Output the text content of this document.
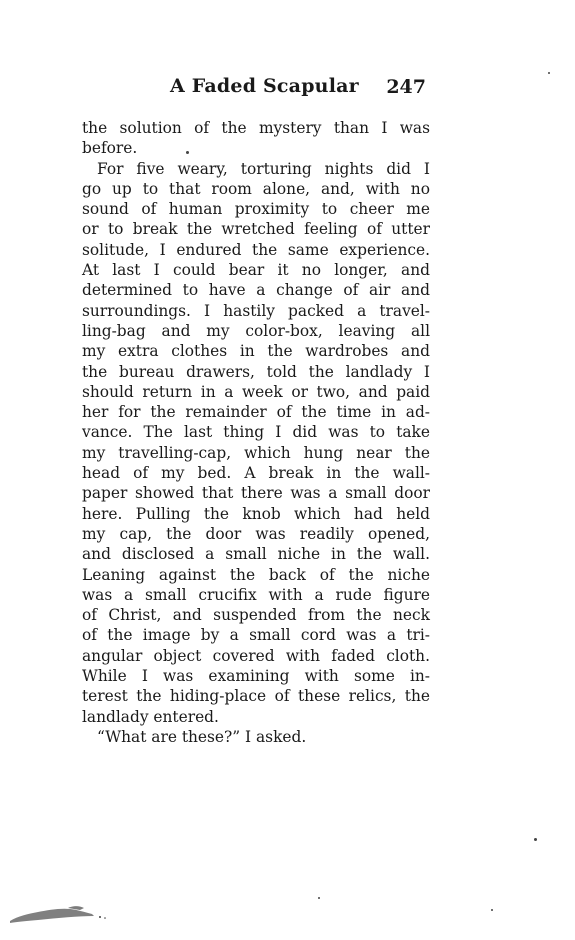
A Faded Scapular 247
the solution of the mystery than I was
before.
For five weary, torturing nights did I
go up to that room alone, and, with no
sound of human proximity to cheer me
or to break the wretched feeling of utter
solitude, I endured the same experience.
At last I could bear it no longer, and
determined to have a change of air and
surroundings. I hastily packed a travel-
ling-bag and my color-box, leaving all
my extra clothes in the wardrobes and
the bureau drawers, told the landlady I
should return in a week or two, and paid
her for the remainder of the time in ad-
vance. The last thing I did was to take
my travelling-cap, which hung near the
head of my bed. A break in the wall-
paper showed that there was a small door
here. Pulling the knob which had held
my cap, the door was readily opened,
and disclosed a small niche in the wall.
Leaning against the back of the niche
was a small crucifix with a rude figure
of Christ, and suspended from the neck
of the image by a small cord was a tri-
angular object covered with faded cloth.
While I was examining with some in-
terest the hiding-place of these relics, the
landlady entered.
“What are these?” I asked.
